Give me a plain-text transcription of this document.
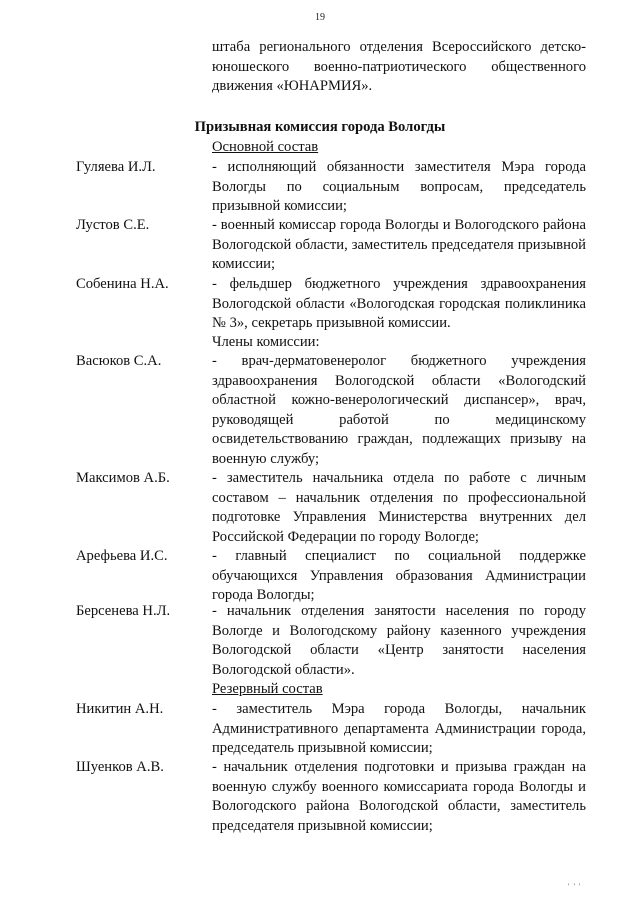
19
штаба регионального отделения Всероссийского детско-юношеского военно-патриотического общественного движения «ЮНАРМИЯ».
Призывная комиссия города Вологды
Основной состав
Гуляева И.Л.	- исполняющий обязанности заместителя Мэра города Вологды по социальным вопросам, председатель призывной комиссии;
Лустов С.Е.	- военный комиссар города Вологды и Вологодского района Вологодской области, заместитель председателя призывной комиссии;
Собенина Н.А.	- фельдшер бюджетного учреждения здравоохранения Вологодской области «Вологодская городская поликлиника № 3», секретарь призывной комиссии.
Члены комиссии:
Васюков С.А.	- врач-дерматовенеролог бюджетного учреждения здравоохранения Вологодской области «Вологодский областной кожно-венерологический диспансер», врач, руководящей работой по медицинскому освидетельствованию граждан, подлежащих призыву на военную службу;
Максимов А.Б.	- заместитель начальника отдела по работе с личным составом – начальник отделения по профессиональной подготовке Управления Министерства внутренних дел Российской Федерации по городу Вологде;
Арефьева И.С.	- главный специалист по социальной поддержке обучающихся Управления образования Администрации города Вологды;
Берсенева Н.Л.	- начальник отделения занятости населения по городу Вологде и Вологодскому району казенного учреждения Вологодской области «Центр занятости населения Вологодской области».
Резервный состав
Никитин А.Н.	- заместитель Мэра города Вологды, начальник Административного департамента Администрации города, председатель призывной комиссии;
Шуенков А.В.	- начальник отделения подготовки и призыва граждан на военную службу военного комиссариата города Вологды и Вологодского района Вологодской области, заместитель председателя призывной комиссии;
' ' '
